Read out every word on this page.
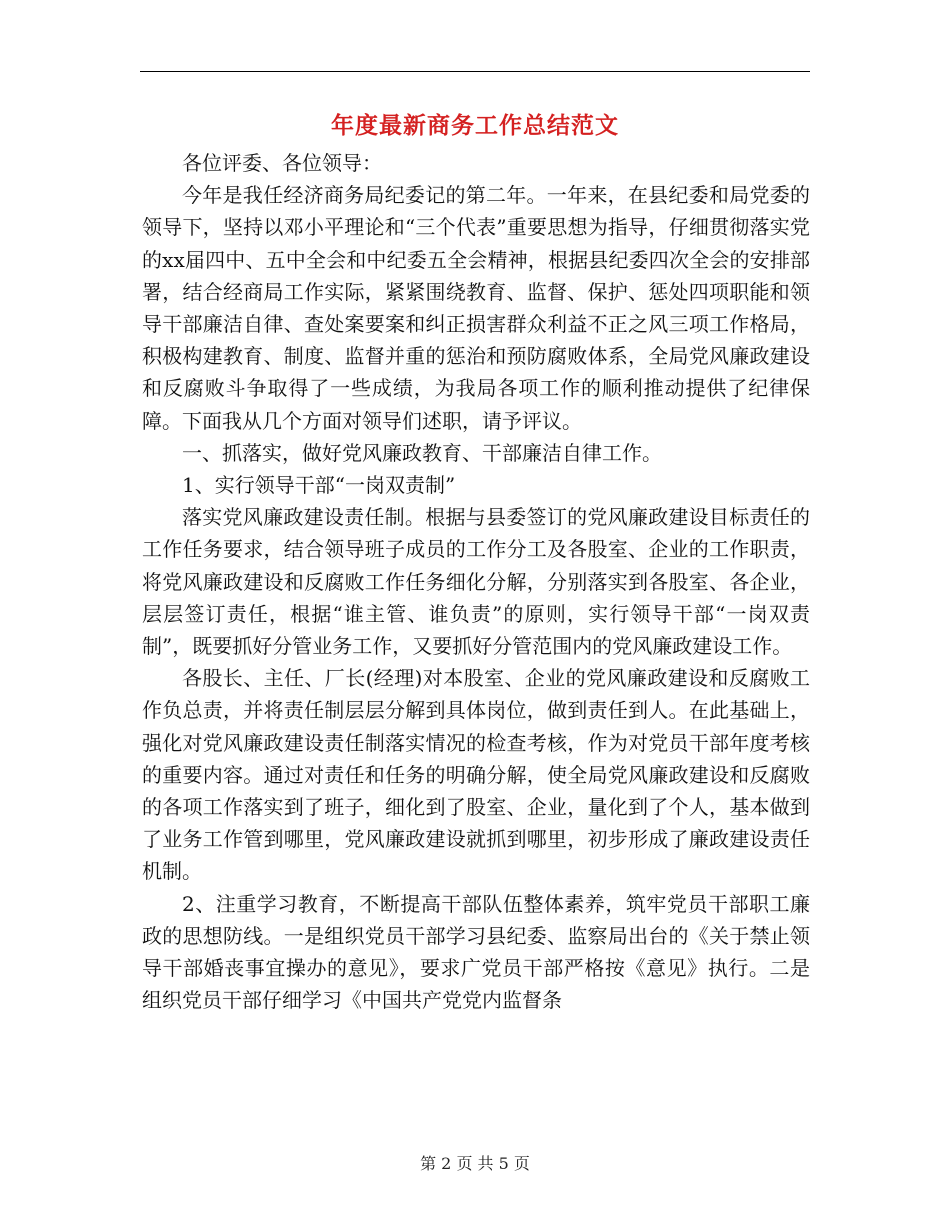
年度最新商务工作总结范文

各位评委、各位领导：

今年是我任经济商务局纪委记的第二年。一年来，在县纪委和局党委的领导下，坚持以邓小平理论和“三个代表”重要思想为指导，仔细贯彻落实党的xx届四中、五中全会和中纪委五全会精神，根据县纪委四次全会的安排部署，结合经商局工作实际，紧紧围绕教育、监督、保护、惩处四项职能和领导干部廉洁自律、查处案要案和纠正损害群众利益不正之风三项工作格局，积极构建教育、制度、监督并重的惩治和预防腐败体系，全局党风廉政建设和反腐败斗争取得了一些成绩，为我局各项工作的顺利推动提供了纪律保障。下面我从几个方面对领导们述职，请予评议。

一、抓落实，做好党风廉政教育、干部廉洁自律工作。

1、实行领导干部“一岗双责制”

落实党风廉政建设责任制。根据与县委签订的党风廉政建设目标责任的工作任务要求，结合领导班子成员的工作分工及各股室、企业的工作职责，将党风廉政建设和反腐败工作任务细化分解，分别落实到各股室、各企业，层层签订责任，根据“谁主管、谁负责”的原则，实行领导干部“一岗双责制”，既要抓好分管业务工作，又要抓好分管范围内的党风廉政建设工作。

各股长、主任、厂长(经理)对本股室、企业的党风廉政建设和反腐败工作负总责，并将责任制层层分解到具体岗位，做到责任到人。在此基础上，强化对党风廉政建设责任制落实情况的检查考核，作为对党员干部年度考核的重要内容。通过对责任和任务的明确分解，使全局党风廉政建设和反腐败的各项工作落实到了班子，细化到了股室、企业，量化到了个人，基本做到了业务工作管到哪里，党风廉政建设就抓到哪里，初步形成了廉政建设责任机制。

2、注重学习教育，不断提高干部队伍整体素养，筑牢党员干部职工廉政的思想防线。一是组织党员干部学习县纪委、监察局出台的《关于禁止领导干部婚丧事宜操办的意见》，要求广党员干部严格按《意见》执行。二是组织党员干部仔细学习《中国共产党党内监督条

第 2 页 共 5 页
